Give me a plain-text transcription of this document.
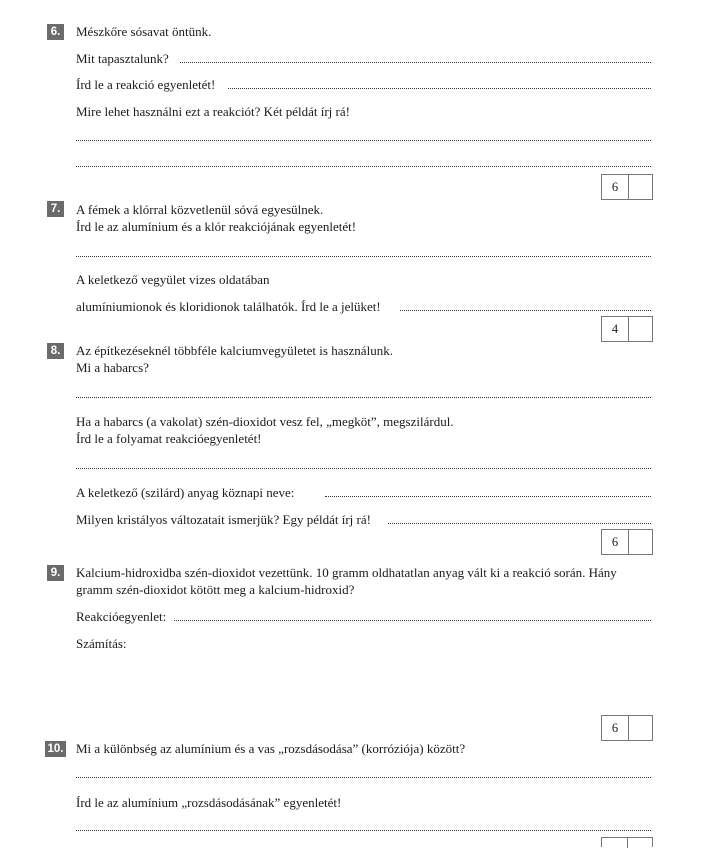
6. Mészkőre sósavat öntünk.
Mit tapasztalunk?
Írd le a reakció egyenletét!
Mire lehet használni ezt a reakciót? Két példát írj rá!
6
7. A fémek a klórral közvetlenül sóvá egyesülnek.
Írd le az alumínium és a klór reakciójának egyenletét!
A keletkező vegyület vizes oldatában
alumíniumionok és kloridionok találhatók. Írd le a jelüket!
4
8. Az építkezéseknél többféle kalciumvegyületet is használunk.
Mi a habarcs?
Ha a habarcs (a vakolat) szén-dioxidot vesz fel, „megköt”, megszilárdul.
Írd le a folyamat reakcióegyenletét!
A keletkező (szilárd) anyag köznapi neve:
Milyen kristályos változatait ismerjük? Egy példát írj rá!
6
9. Kalcium-hidroxidba szén-dioxidot vezettünk. 10 gramm oldhatatlan anyag vált ki a reakció során. Hány
gramm szén-dioxidot kötött meg a kalcium-hidroxid?
Reakcióegyenlet:
Számítás:
6
10. Mi a különbség az alumínium és a vas „rozsdásodása” (korróziója) között?
Írd le az alumínium „rozsdásodásának” egyenletét!
